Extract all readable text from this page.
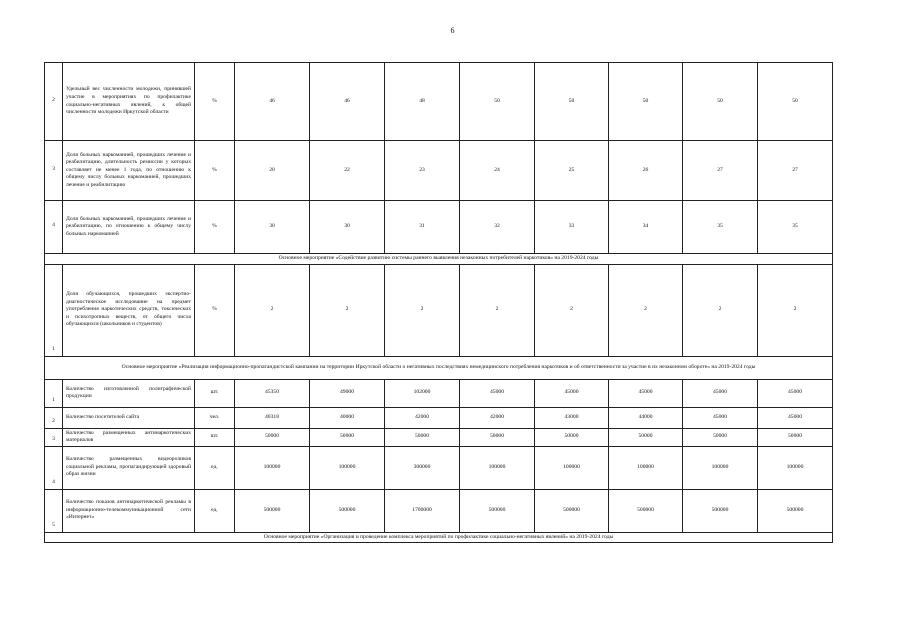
6
2	Удельный вес численности молодежи, принявшей участие в мероприятиях по профилактике социально-негативных явлений, к общей численности молодежи Иркутской области	%	46	46	48	50	50	50	50	50
3	Доля больных наркоманией, прошедших лечение и реабилитацию, длительность ремиссии у которых составляет не менее 1 года, по отношению к общему числу больных наркоманией, прошедших лечение и реабилитацию	%	20	22	23	24	25	26	27	27
4	Доля больных наркоманией, прошедших лечение и реабилитацию, по отношению к общему числу больных наркоманией	%	30	30	31	32	33	34	35	35
Основное мероприятие «Содействие развитию системы раннего выявления незаконных потребителей наркотиков» на 2019-2024 годы										
1	Доля обучающихся, прошедших экспертно-диагностическое исследование на предмет употребления наркотических средств, токсических и психотропных веществ, от общего числа обучающихся (школьников и студентов)	%	2	2	2	2	2	2	2	2
Основное мероприятие «Реализация информационно-пропагандистской кампании на территории Иркутской области о негативных последствиях немедицинского потребления наркотиков и об ответственности за участие в их незаконном обороте» на 2019-2024 годы										
1	Количество изготовленной полиграфической продукции	шт.	45350	49000	102000	45000	45000	45000	45000	45000
2	Количество посетителей сайта	чел.	40318	40000	42000	42000	43000	44000	45000	45000
3	Количество размещенных антинаркотических материалов	шт.	50000	50000	50000	50000	50000	50000	50000	50000
4	Количество размещенных видеороликов социальной рекламы, пропагандирующей здоровый образ жизни	ед.	100000	100000	300000	100000	100000	100000	100000	100000
5	Количество показов антинаркотической рекламы в информационно-телекоммуникационной сети «Интернет»	ед.	500000	500000	1700000	500000	500000	500000	500000	500000
Основное мероприятие «Организация и проведение комплекса мероприятий по профилактике социально-негативных явлений» на 2019-2024 годы										
